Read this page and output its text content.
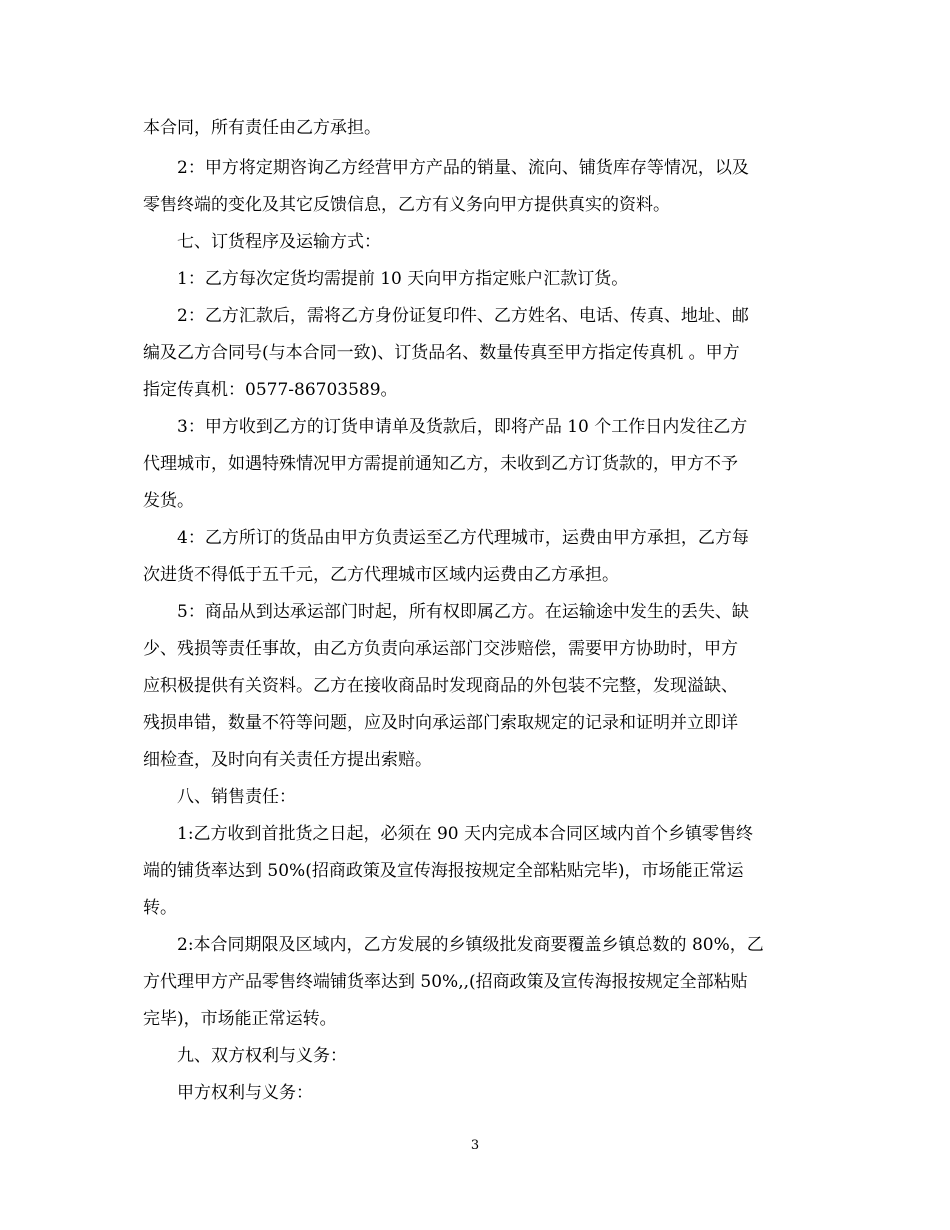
本合同，所有责任由乙方承担。
2：甲方将定期咨询乙方经营甲方产品的销量、流向、铺货库存等情况，以及
零售终端的变化及其它反馈信息，乙方有义务向甲方提供真实的资料。
七、订货程序及运输方式：
1：乙方每次定货均需提前 10 天向甲方指定账户汇款订货。
2：乙方汇款后，需将乙方身份证复印件、乙方姓名、电话、传真、地址、邮
编及乙方合同号(与本合同一致)、订货品名、数量传真至甲方指定传真机 。甲方
指定传真机：0577-86703589。
3：甲方收到乙方的订货申请单及货款后，即将产品 10 个工作日内发往乙方
代理城市，如遇特殊情况甲方需提前通知乙方，未收到乙方订货款的，甲方不予
发货。
4：乙方所订的货品由甲方负责运至乙方代理城市，运费由甲方承担，乙方每
次进货不得低于五千元，乙方代理城市区域内运费由乙方承担。
5：商品从到达承运部门时起，所有权即属乙方。在运输途中发生的丢失、缺
少、残损等责任事故，由乙方负责向承运部门交涉赔偿，需要甲方协助时，甲方
应积极提供有关资料。乙方在接收商品时发现商品的外包装不完整，发现溢缺、
残损串错，数量不符等问题，应及时向承运部门索取规定的记录和证明并立即详
细检查，及时向有关责任方提出索赔。
八、销售责任：
1:乙方收到首批货之日起，必须在 90 天内完成本合同区域内首个乡镇零售终
端的铺货率达到 50%(招商政策及宣传海报按规定全部粘贴完毕)，市场能正常运
转。
2:本合同期限及区域内，乙方发展的乡镇级批发商要覆盖乡镇总数的 80%，乙
方代理甲方产品零售终端铺货率达到 50%,,(招商政策及宣传海报按规定全部粘贴
完毕)，市场能正常运转。
九、双方权利与义务：
甲方权利与义务：
3
